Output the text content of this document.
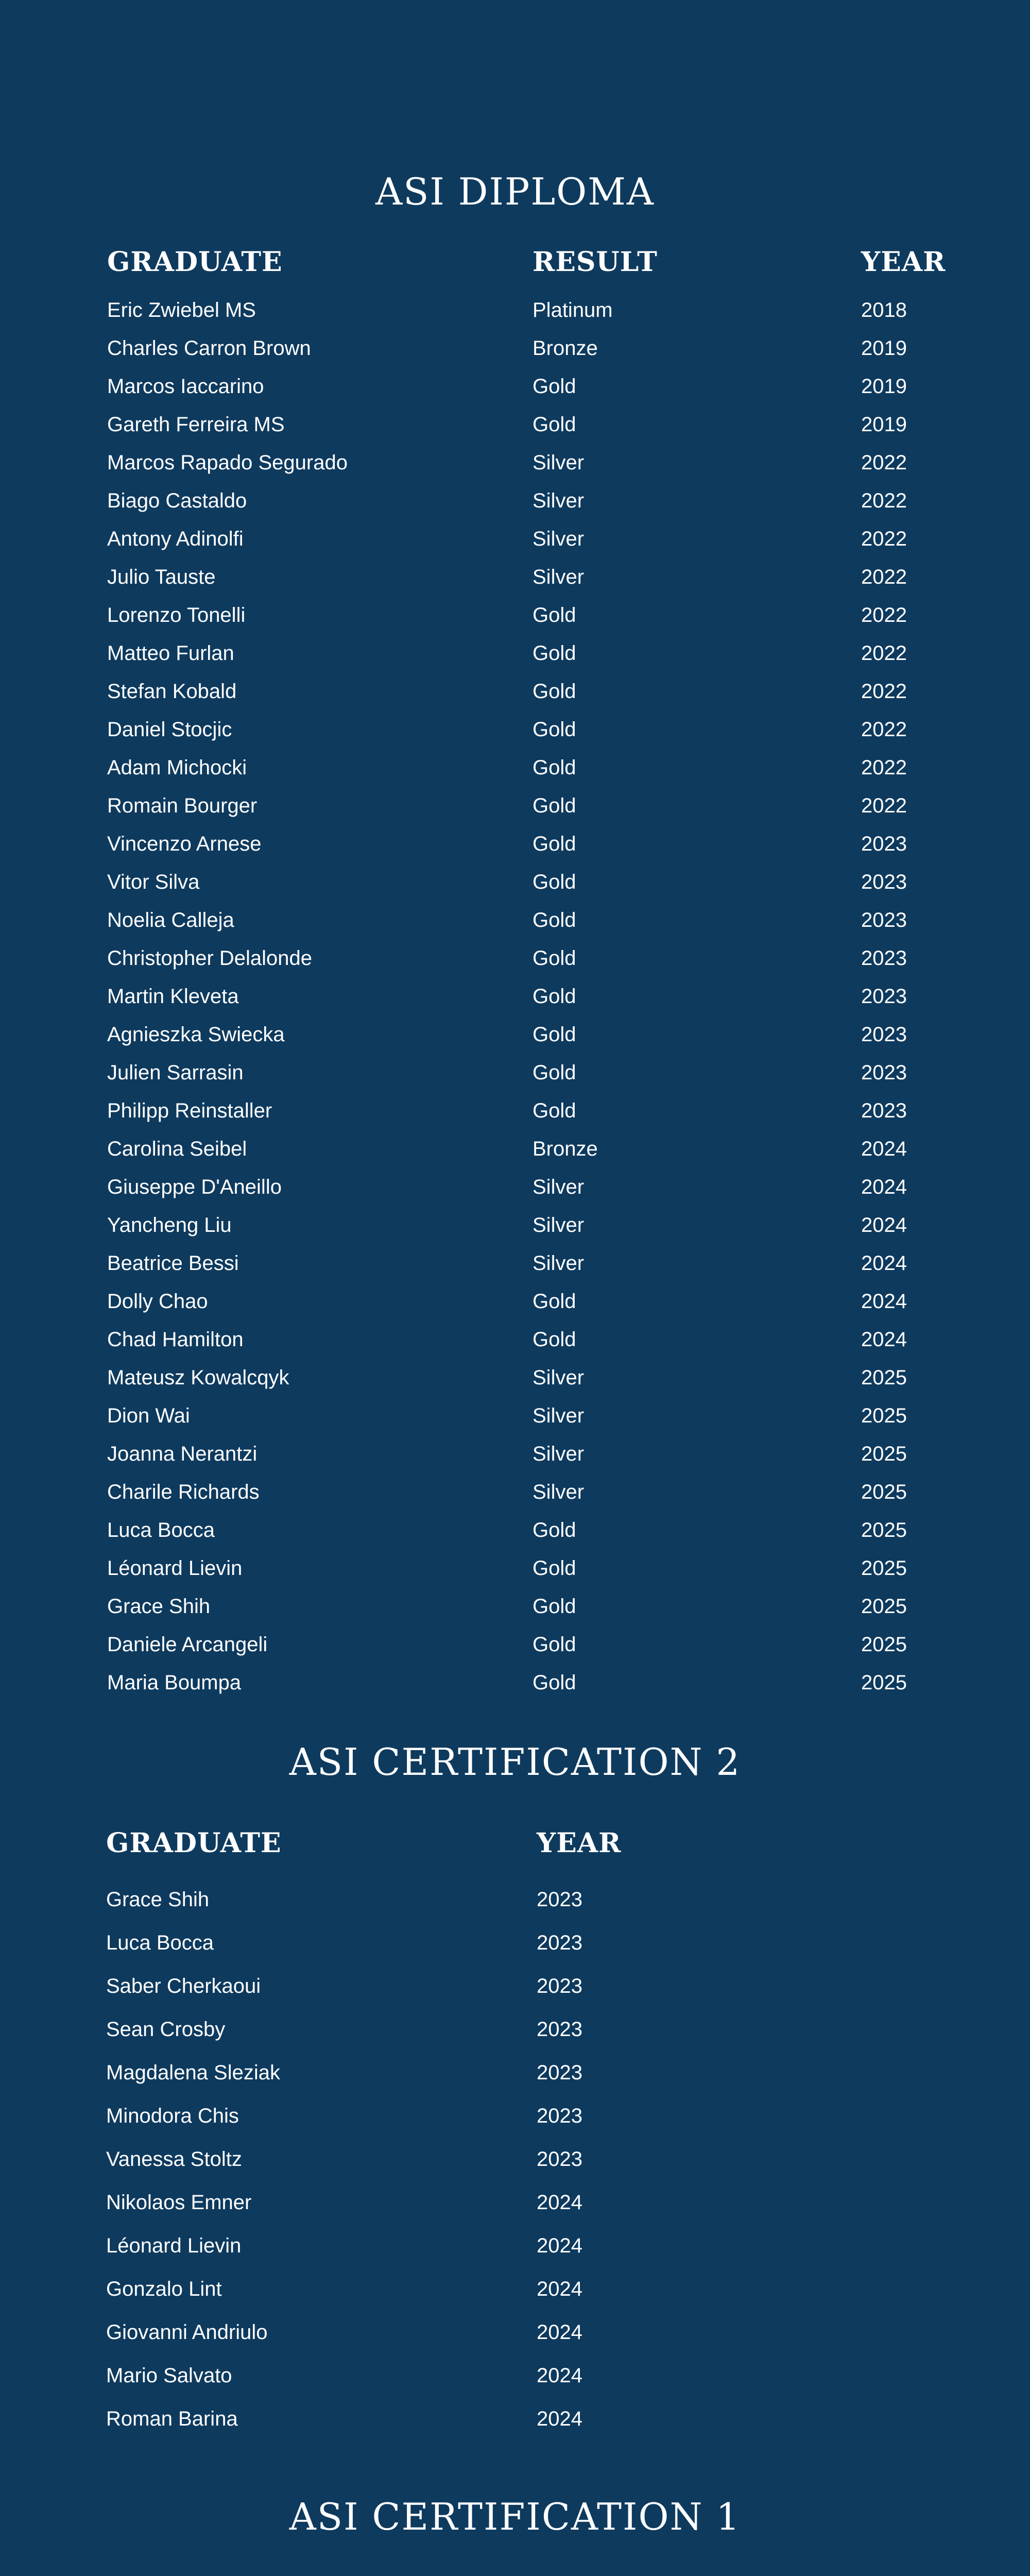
ASI DIPLOMA
GRADUATE	RESULT	YEAR
Eric Zwiebel MS	Platinum	2018
Charles Carron Brown	Bronze	2019
Marcos Iaccarino	Gold	2019
Gareth Ferreira MS	Gold	2019
Marcos Rapado Segurado	Silver	2022
Biago Castaldo	Silver	2022
Antony Adinolfi	Silver	2022
Julio Tauste	Silver	2022
Lorenzo Tonelli	Gold	2022
Matteo Furlan	Gold	2022
Stefan Kobald	Gold	2022
Daniel Stocjic	Gold	2022
Adam Michocki	Gold	2022
Romain Bourger	Gold	2022
Vincenzo Arnese	Gold	2023
Vitor Silva	Gold	2023
Noelia Calleja	Gold	2023
Christopher Delalonde	Gold	2023
Martin Kleveta	Gold	2023
Agnieszka Swiecka	Gold	2023
Julien Sarrasin	Gold	2023
Philipp Reinstaller	Gold	2023
Carolina Seibel	Bronze	2024
Giuseppe D'Aneillo	Silver	2024
Yancheng Liu	Silver	2024
Beatrice Bessi	Silver	2024
Dolly Chao	Gold	2024
Chad Hamilton	Gold	2024
Mateusz Kowalcqyk	Silver	2025
Dion Wai	Silver	2025
Joanna Nerantzi	Silver	2025
Charile Richards	Silver	2025
Luca Bocca	Gold	2025
Léonard Lievin	Gold	2025
Grace Shih	Gold	2025
Daniele Arcangeli	Gold	2025
Maria Boumpa	Gold	2025
ASI CERTIFICATION 2
GRADUATE	YEAR
Grace Shih	2023
Luca Bocca	2023
Saber Cherkaoui	2023
Sean Crosby	2023
Magdalena Sleziak	2023
Minodora Chis	2023
Vanessa Stoltz	2023
Nikolaos Emner	2024
Léonard Lievin	2024
Gonzalo Lint	2024
Giovanni Andriulo	2024
Mario Salvato	2024
Roman Barina	2024
ASI CERTIFICATION 1
